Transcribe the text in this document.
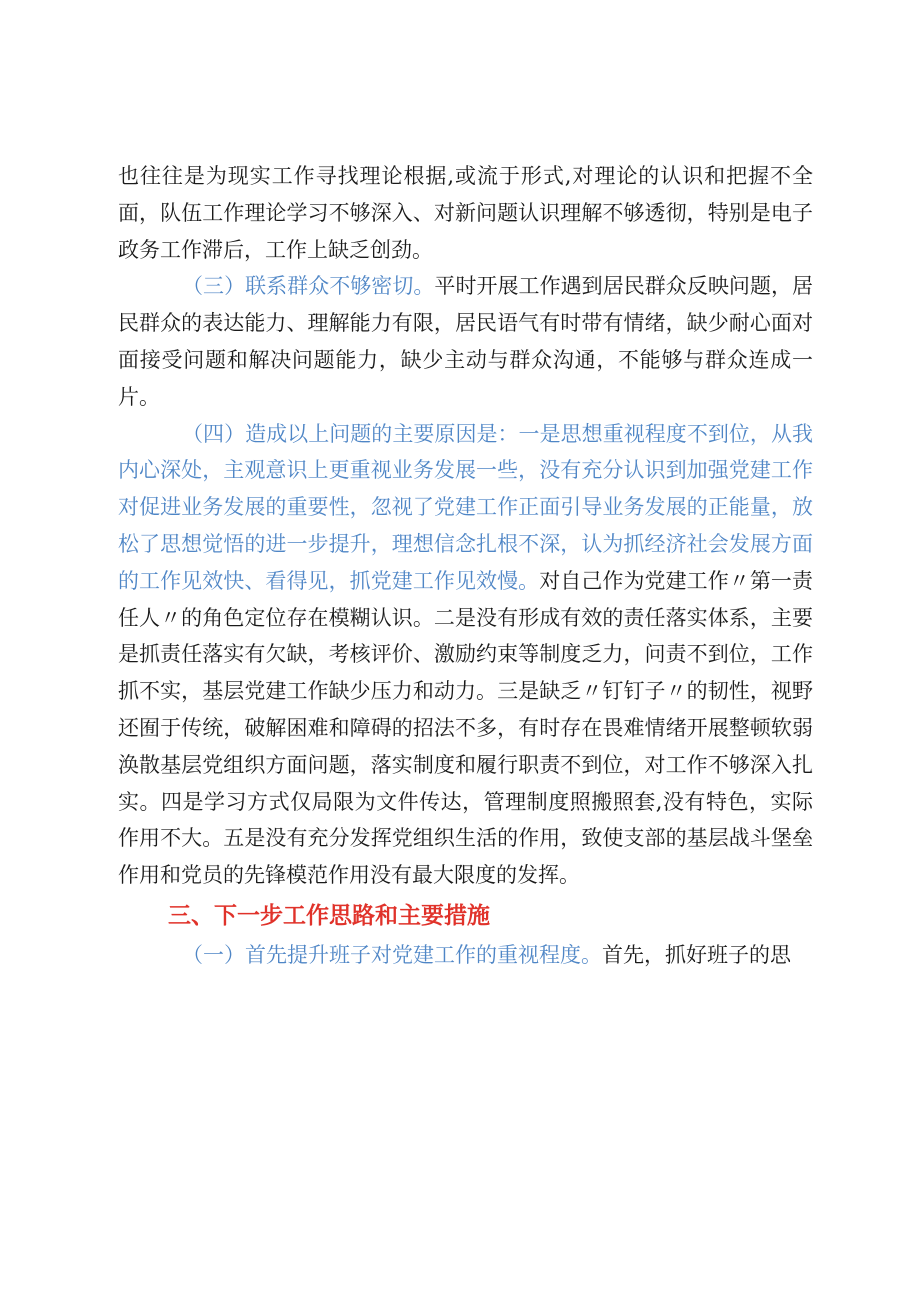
也往往是为现实工作寻找理论根据,或流于形式,对理论的认识和把握不全面，队伍工作理论学习不够深入、对新问题认识理解不够透彻，特别是电子政务工作滞后，工作上缺乏创劲。

（三）联系群众不够密切。平时开展工作遇到居民群众反映问题，居民群众的表达能力、理解能力有限，居民语气有时带有情绪，缺少耐心面对面接受问题和解决问题能力，缺少主动与群众沟通，不能够与群众连成一片。

（四）造成以上问题的主要原因是：一是思想重视程度不到位，从我内心深处，主观意识上更重视业务发展一些，没有充分认识到加强党建工作对促进业务发展的重要性，忽视了党建工作正面引导业务发展的正能量，放松了思想觉悟的进一步提升，理想信念扎根不深，认为抓经济社会发展方面的工作见效快、看得见，抓党建工作见效慢。对自己作为党建工作〃第一责任人〃的角色定位存在模糊认识。二是没有形成有效的责任落实体系，主要是抓责任落实有欠缺，考核评价、激励约束等制度乏力，问责不到位，工作抓不实，基层党建工作缺少压力和动力。三是缺乏〃钉钉子〃的韧性，视野还囿于传统，破解困难和障碍的招法不多，有时存在畏难情绪开展整顿软弱涣散基层党组织方面问题，落实制度和履行职责不到位，对工作不够深入扎实。四是学习方式仅局限为文件传达，管理制度照搬照套,没有特色，实际作用不大。五是没有充分发挥党组织生活的作用，致使支部的基层战斗堡垒作用和党员的先锋模范作用没有最大限度的发挥。

三、下一步工作思路和主要措施

（一）首先提升班子对党建工作的重视程度。首先，抓好班子的思
